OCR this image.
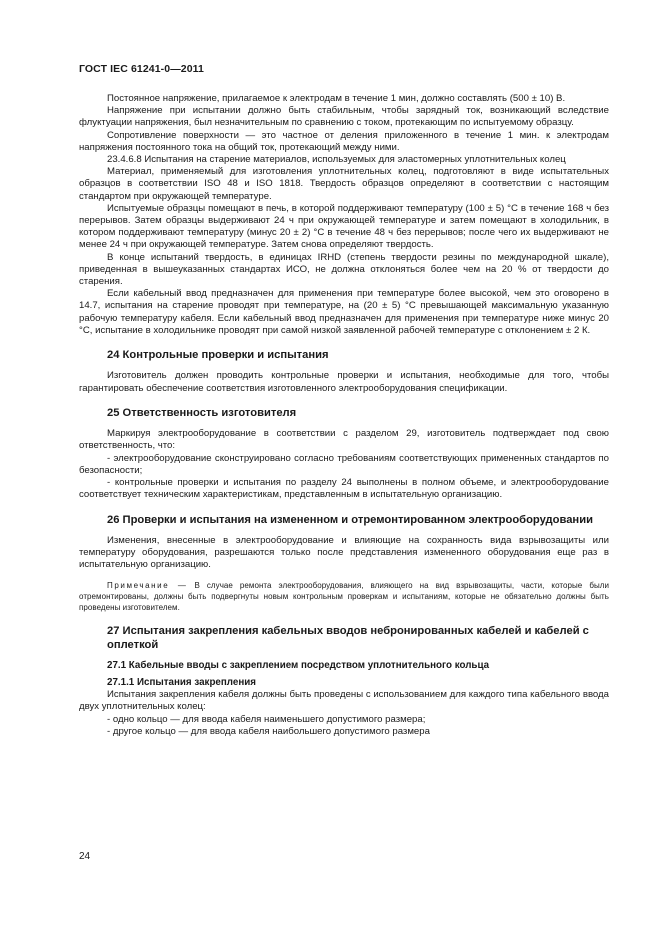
ГОСТ IEC 61241-0—2011

Постоянное напряжение, прилагаемое к электродам в течение 1 мин, должно составлять (500 ± 10) В.

Напряжение при испытании должно быть стабильным, чтобы зарядный ток, возникающий вследствие флуктуации напряжения, был незначительным по сравнению с током, протекающим по испытуемому образцу.

Сопротивление поверхности — это частное от деления приложенного в течение 1 мин. к электродам напряжения постоянного тока на общий ток, протекающий между ними.

23.4.6.8 Испытания на старение материалов, используемых для эластомерных уплотнительных колец

Материал, применяемый для изготовления уплотнительных колец, подготовляют в виде испытательных образцов в соответствии ISO 48 и ISO 1818. Твердость образцов определяют в соответствии с настоящим стандартом при окружающей температуре.

Испытуемые образцы помещают в печь, в которой поддерживают температуру (100 ± 5) °С в течение 168 ч без перерывов. Затем образцы выдерживают 24 ч при окружающей температуре и затем помещают в холодильник, в котором поддерживают температуру (минус 20 ± 2) °С в течение 48 ч без перерывов; после чего их выдерживают не менее 24 ч при окружающей температуре. Затем снова определяют твердость.

В конце испытаний твердость, в единицах IRHD (степень твердости резины по международной шкале), приведенная в вышеуказанных стандартах ИСО, не должна отклоняться более чем на 20 % от твердости до старения.

Если кабельный ввод предназначен для применения при температуре более высокой, чем это оговорено в 14.7, испытания на старение проводят при температуре, на (20 ± 5) °С превышающей максимальную указанную рабочую температуру кабеля. Если кабельный ввод предназначен для применения при температуре ниже минус 20 °С, испытание в холодильнике проводят при самой низкой заявленной рабочей температуре с отклонением ± 2 К.

24 Контрольные проверки и испытания

Изготовитель должен проводить контрольные проверки и испытания, необходимые для того, чтобы гарантировать обеспечение соответствия изготовленного электрооборудования спецификации.

25 Ответственность изготовителя

Маркируя электрооборудование в соответствии с разделом 29, изготовитель подтверждает под свою ответственность, что:

- электрооборудование сконструировано согласно требованиям соответствующих примененных стандартов по безопасности;

- контрольные проверки и испытания по разделу 24 выполнены в полном объеме, и электрооборудование соответствует техническим характеристикам, представленным в испытательную организацию.

26 Проверки и испытания на измененном и отремонтированном электрооборудовании

Изменения, внесенные в электрооборудование и влияющие на сохранность вида взрывозащиты или температуру оборудования, разрешаются только после представления измененного оборудования еще раз в испытательную организацию.

Примечание — В случае ремонта электрооборудования, влияющего на вид взрывозащиты, части, которые были отремонтированы, должны быть подвергнуты новым контрольным проверкам и испытаниям, которые не обязательно должны быть проведены изготовителем.

27 Испытания закрепления кабельных вводов небронированных кабелей и кабелей с оплеткой
27.1 Кабельные вводы с закреплением посредством уплотнительного кольца
27.1.1 Испытания закрепления

Испытания закрепления кабеля должны быть проведены с использованием для каждого типа кабельного ввода двух уплотнительных колец:

- одно кольцо — для ввода кабеля наименьшего допустимого размера;

- другое кольцо — для ввода кабеля наибольшего допустимого размера

24
